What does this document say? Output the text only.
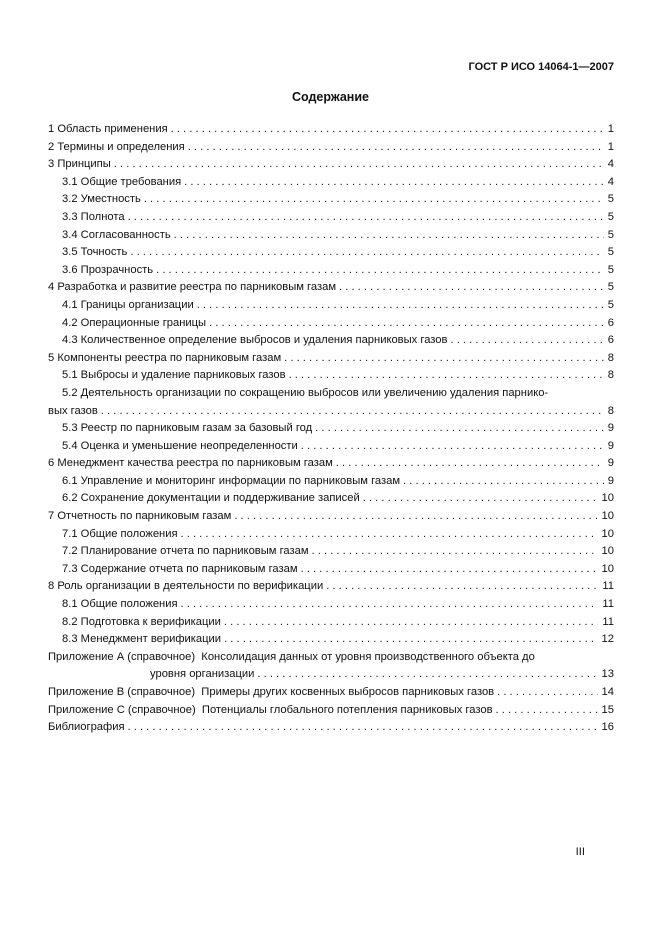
ГОСТ Р ИСО 14064-1—2007
Содержание
1 Область применения . . .	1
2 Термины и определения . . .	1
3 Принципы . . .	4
3.1 Общие требования . . .	4
3.2 Уместность . . .	5
3.3 Полнота . . .	5
3.4 Согласованность . . .	5
3.5 Точность . . .	5
3.6 Прозрачность . . .	5
4 Разработка и развитие реестра по парниковым газам . . .	5
4.1 Границы организации . . .	5
4.2 Операционные границы . . .	6
4.3 Количественное определение выбросов и удаления парниковых газов . . .	6
5 Компоненты реестра по парниковым газам . . .	8
5.1 Выбросы и удаление парниковых газов . . .	8
5.2 Деятельность организации по сокращению выбросов или увеличению удаления парнико-
вых газов . . .	8
5.3 Реестр по парниковым газам за базовый год . . .	9
5.4 Оценка и уменьшение неопределенности . . .	9
6 Менеджмент качества реестра по парниковым газам . . .	9
6.1 Управление и мониторинг информации по парниковым газам . . .	9
6.2 Сохранение документации и поддерживание записей . . .	10
7 Отчетность по парниковым газам . . .	10
7.1 Общие положения . . .	10
7.2 Планирование отчета по парниковым газам . . .	10
7.3 Содержание отчета по парниковым газам . . .	10
8 Роль организации в деятельности по верификации . . .	11
8.1 Общие положения . . .	11
8.2 Подготовка к верификации . . .	11
8.3 Менеджмент верификации . . .	12
Приложение А (справочное)  Консолидация данных от уровня производственного объекта до
уровня организации . . .	13
Приложение В (справочное)  Примеры других косвенных выбросов парниковых газов . . .	14
Приложение С (справочное)  Потенциалы глобального потепления парниковых газов . . .	15
Библиография . . .	16
III
